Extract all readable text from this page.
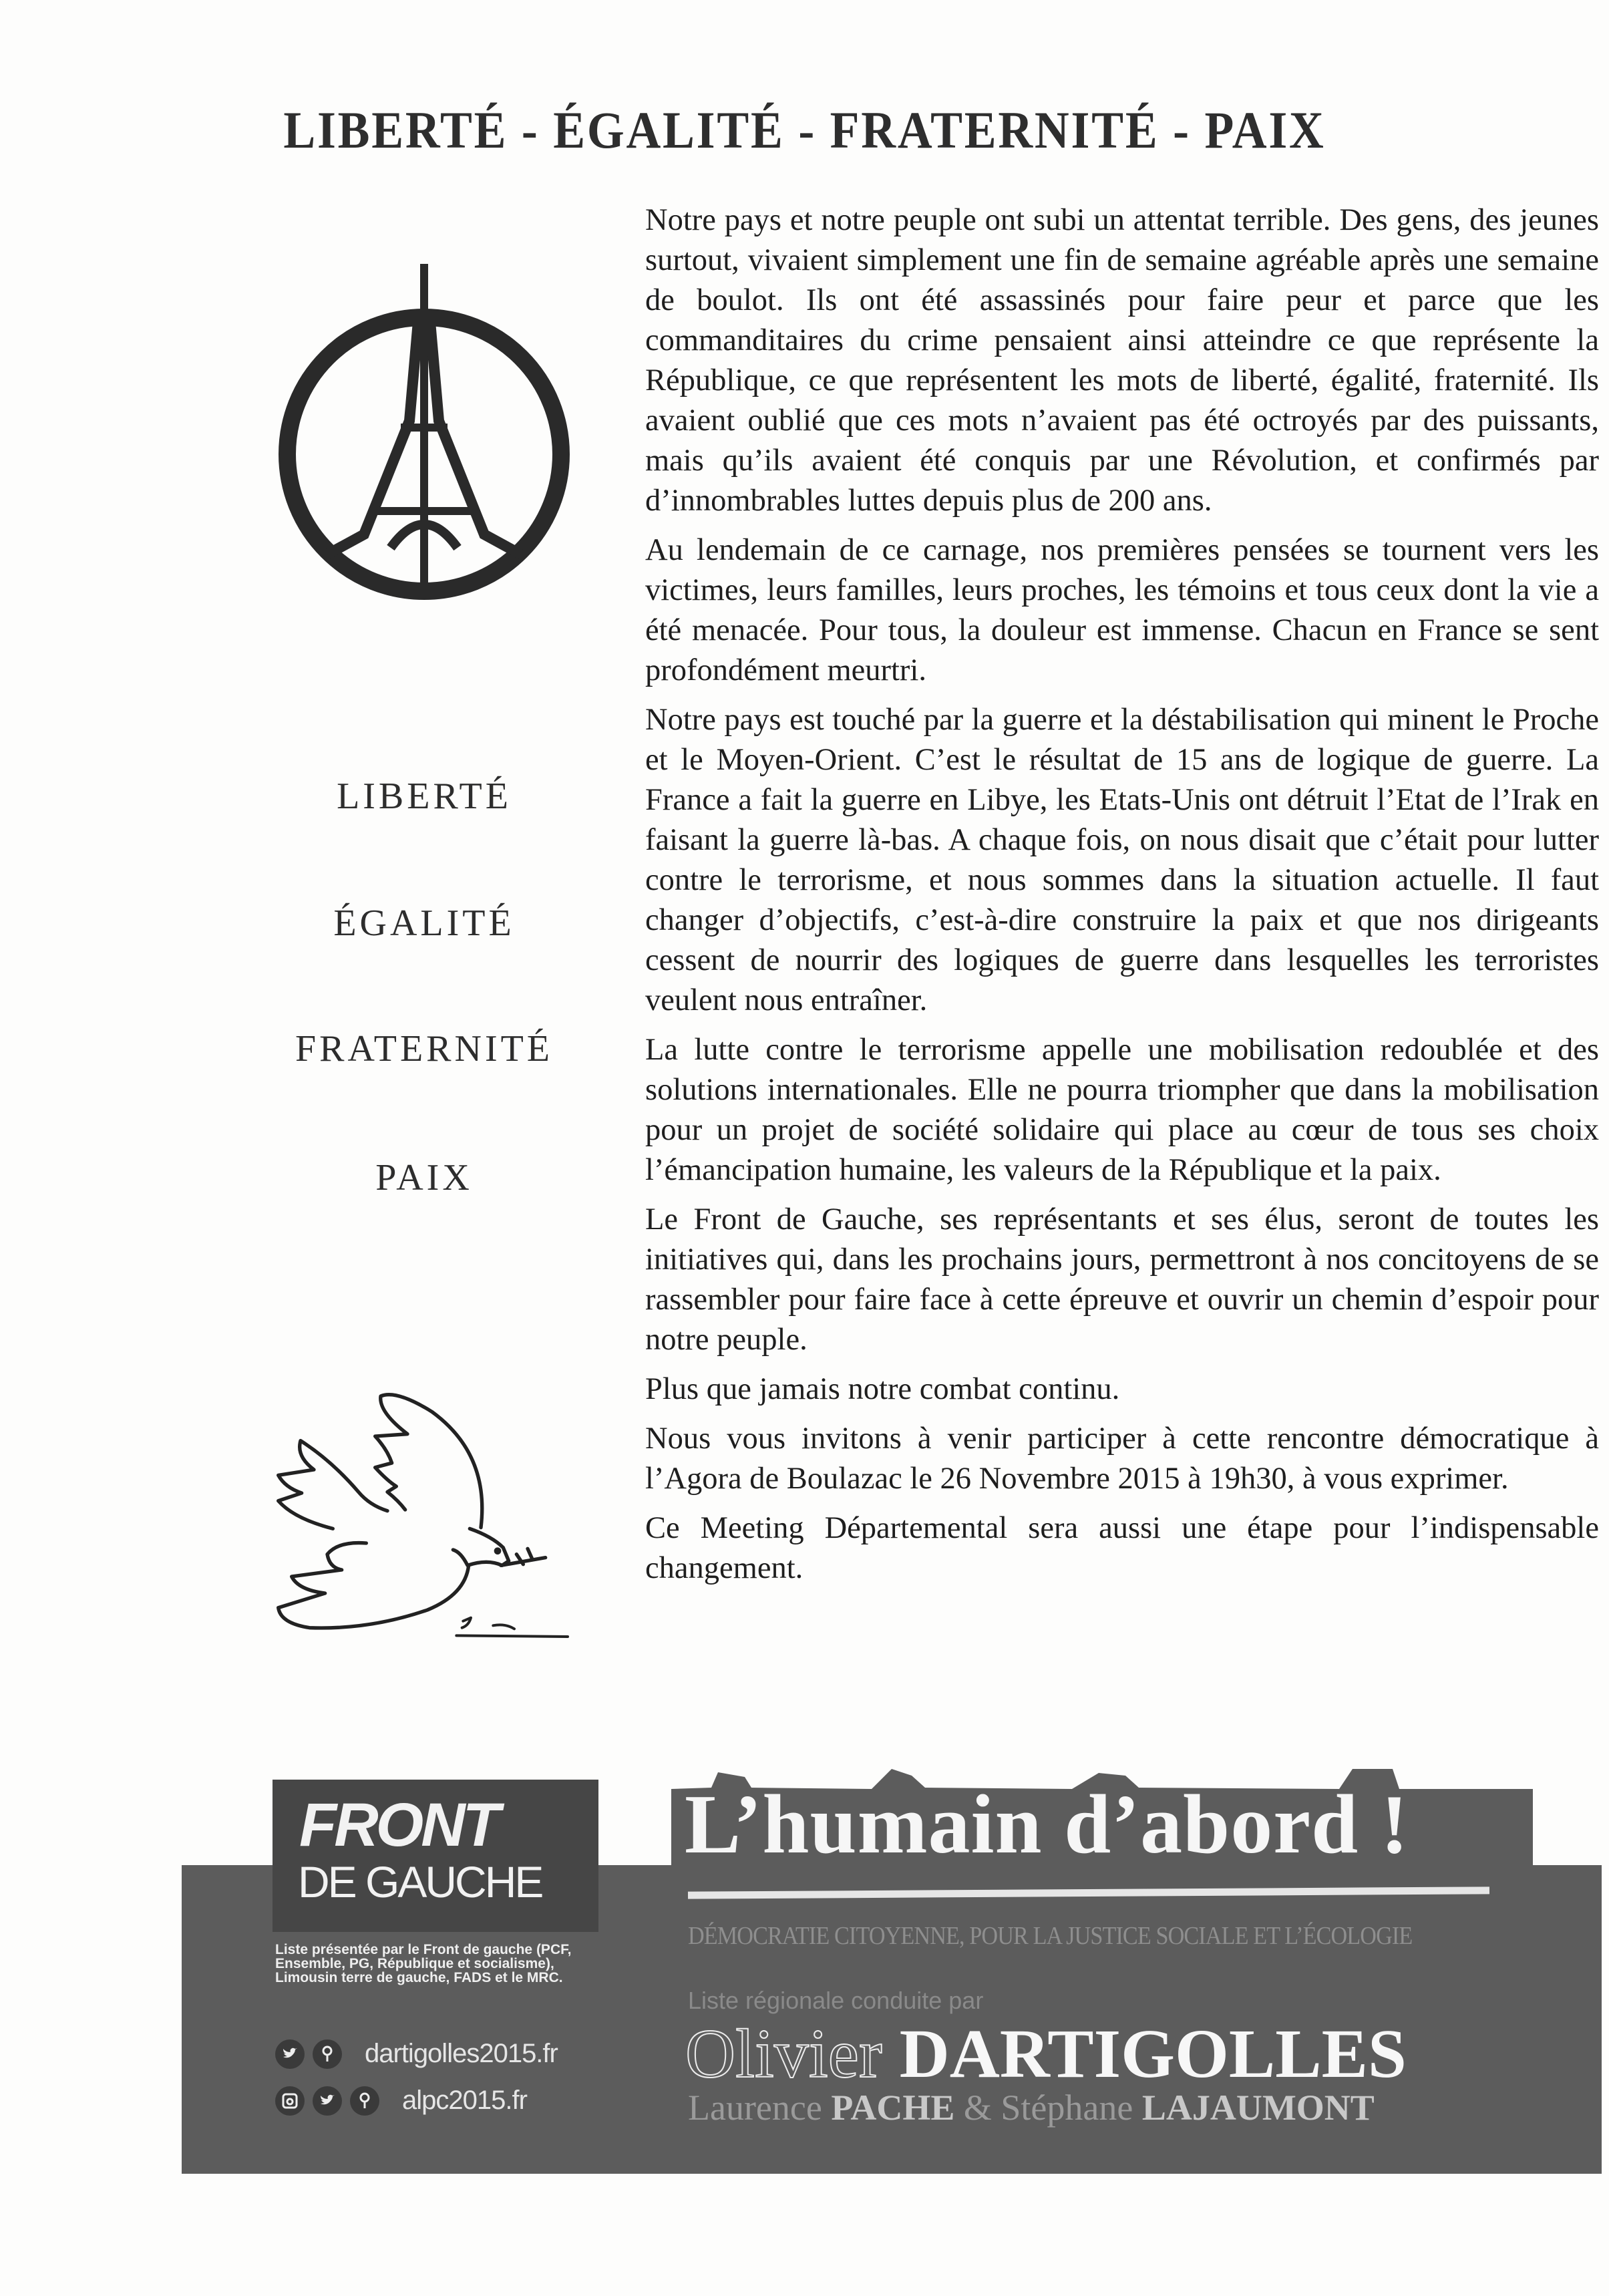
LIBERTÉ - ÉGALITÉ - FRATERNITÉ - PAIX
LIBERTÉ
ÉGALITÉ
FRATERNITÉ
PAIX

Notre pays et notre peuple ont subi un attentat terrible. Des gens, des jeunes surtout, vivaient simplement une fin de semaine agréable après une semaine de boulot. Ils ont été assassinés pour faire peur et parce que les commanditaires du crime pensaient ainsi atteindre ce que représente la République, ce que représentent les mots de liberté, égalité, fraternité. Ils avaient oublié que ces mots n’avaient pas été octroyés par des puissants, mais qu’ils avaient été conquis par une Révolution, et confirmés par d’innombrables luttes depuis plus de 200 ans.

Au lendemain de ce carnage, nos premières pensées se tournent vers les victimes, leurs familles, leurs proches, les témoins et tous ceux dont la vie a été menacée. Pour tous, la douleur est immense. Chacun en France se sent profondément meurtri.

Notre pays est touché par la guerre et la déstabilisation qui minent le Proche et le Moyen-Orient. C’est le résultat de 15 ans de logique de guerre. La France a fait la guerre en Libye, les Etats-Unis ont détruit l’Etat de l’Irak en faisant la guerre là-bas. A chaque fois, on nous disait que c’était pour lutter contre le terrorisme, et nous sommes dans la situation actuelle. Il faut changer d’objectifs, c’est-à-dire construire la paix et que nos dirigeants cessent de nourrir des logiques de guerre dans lesquelles les terroristes veulent nous entraîner.

La lutte contre le terrorisme appelle une mobilisation redoublée et des solutions internationales. Elle ne pourra triompher que dans la mobilisation pour un projet de société solidaire qui place au cœur de tous ses choix l’émancipation humaine, les valeurs de la République et la paix.

Le Front de Gauche, ses représentants et ses élus, seront de toutes les initiatives qui, dans les prochains jours, permettront à nos concitoyens de se rassembler pour faire face à cette épreuve et ouvrir un chemin d’espoir pour notre peuple.

Plus que jamais notre combat continu.

Nous vous invitons à venir participer à cette rencontre démocratique à l’Agora de Boulazac le 26 Novembre 2015 à 19h30, à vous exprimer.

Ce Meeting Départemental sera aussi une étape pour l’indispensable changement.

FRONT
DE GAUCHE
L’humain d’abord !
DÉMOCRATIE CITOYENNE, POUR LA JUSTICE SOCIALE ET L’ÉCOLOGIE
Liste régionale conduite par
Olivier DARTIGOLLES
Laurence PACHE & Stéphane LAJAUMONT
Liste présentée par le Front de gauche (PCF, Ensemble, PG, République et socialisme), Limousin terre de gauche, FADS et le MRC.
dartigolles2015.fr
alpc2015.fr
